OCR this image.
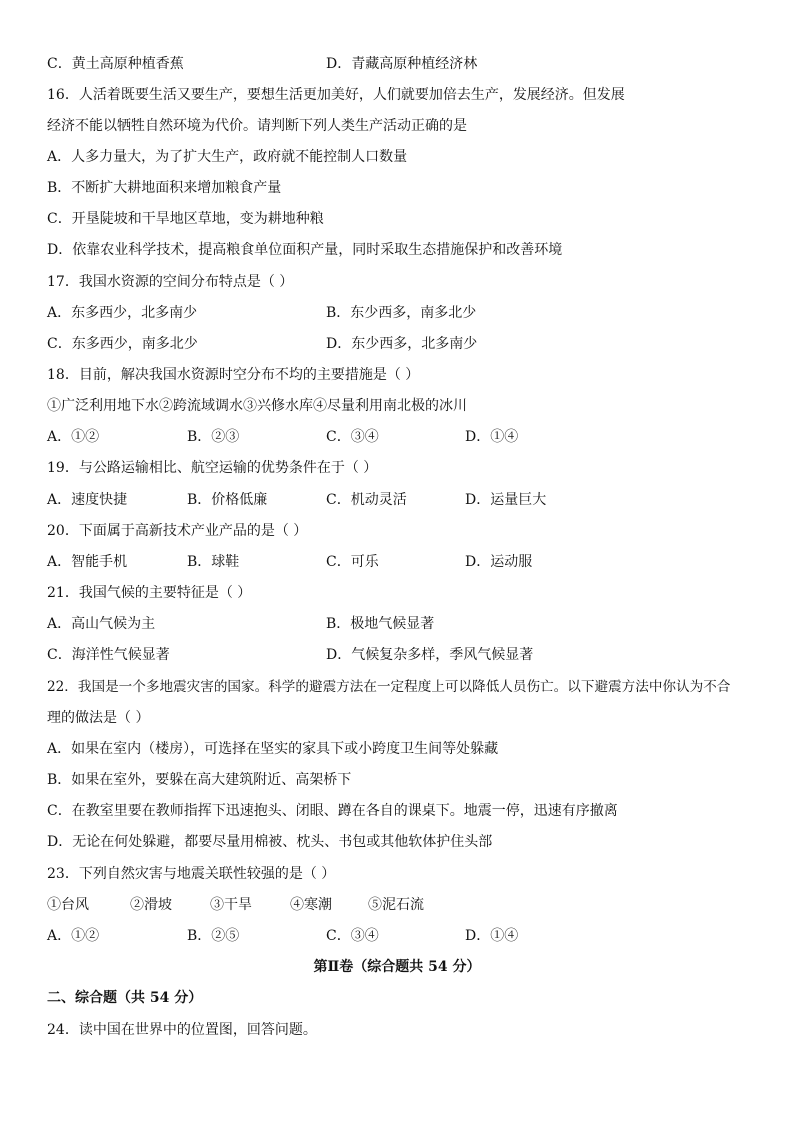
C．黄土高原种植香蕉	D．青藏高原种植经济林
16．人活着既要生活又要生产，要想生活更加美好，人们就要加倍去生产，发展经济。但发展
经济不能以牺牲自然环境为代价。请判断下列人类生产活动正确的是
A．人多力量大，为了扩大生产，政府就不能控制人口数量
B．不断扩大耕地面积来增加粮食产量
C．开垦陡坡和干旱地区草地，变为耕地种粮
D．依靠农业科学技术，提高粮食单位面积产量，同时采取生态措施保护和改善环境
17．我国水资源的空间分布特点是（ ）
A．东多西少，北多南少	B．东少西多，南多北少
C．东多西少，南多北少	D．东少西多，北多南少
18．目前，解决我国水资源时空分布不均的主要措施是（ ）
①广泛利用地下水②跨流域调水③兴修水库④尽量利用南北极的冰川
A．①②	B．②③	C．③④	D．①④
19．与公路运输相比、航空运输的优势条件在于（ ）
A．速度快捷	B．价格低廉	C．机动灵活	D．运量巨大
20．下面属于高新技术产业产品的是（ ）
A．智能手机	B．球鞋	C．可乐	D．运动服
21．我国气候的主要特征是（ ）
A．高山气候为主	B．极地气候显著
C．海洋性气候显著	D．气候复杂多样，季风气候显著
22．我国是一个多地震灾害的国家。科学的避震方法在一定程度上可以降低人员伤亡。以下避震方法中你认为不合
理的做法是（ ）
A．如果在室内（楼房），可选择在坚实的家具下或小跨度卫生间等处躲藏
B．如果在室外，要躲在高大建筑附近、高架桥下
C．在教室里要在教师指挥下迅速抱头、闭眼、蹲在各自的课桌下。地震一停，迅速有序撤离
D．无论在何处躲避，都要尽量用棉被、枕头、书包或其他软体护住头部
23．下列自然灾害与地震关联性较强的是（ ）
①台风	②滑坡	③干旱	④寒潮	⑤泥石流
A．①②	B．②⑤	C．③④	D．①④
第Ⅱ卷（综合题共 54 分）
二、综合题（共 54 分）
24．读中国在世界中的位置图，回答问题。
